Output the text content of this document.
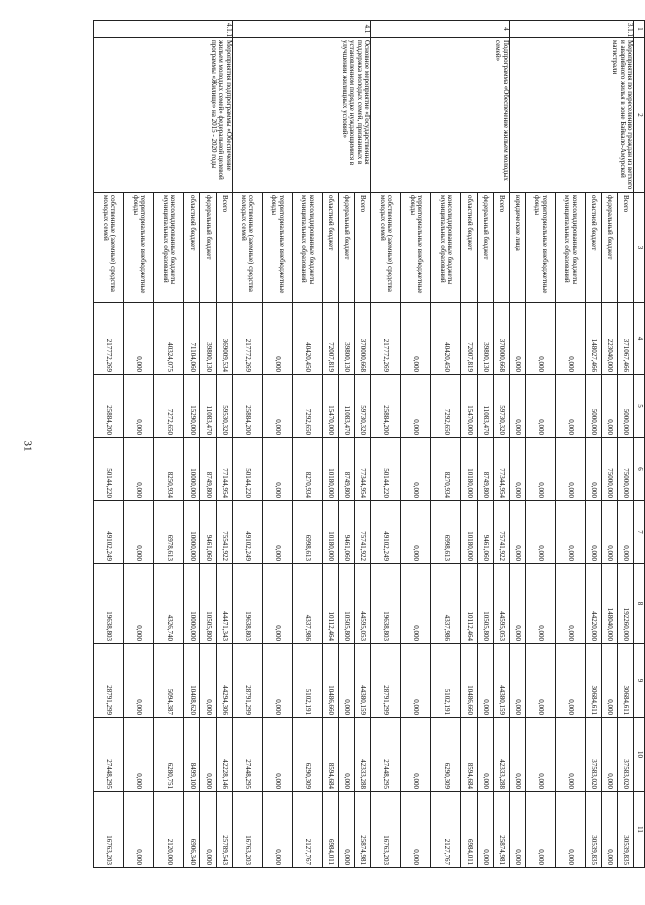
31
1	2	3	4	5	6	7	8	9	10	11
3.1.1	Мероприятия по переселению граждан из ветхого и аварийного жилья в зоне Байкало-Амурской магистрали	Всего	371067,466	5000,000	75000,000	0,000	192260,000	30684,611	37583,020	30539,835
		федеральный бюджет	223040,000	0,000	75000,000	0,000	148040,000	0,000	0,000	0,000
		областной бюджет	148027,466	5000,000	0,000	0,000	44220,000	30684,611	37583,020	30539,835
		консолидированные бюджеты муниципальных образований	0,000	0,000	0,000	0,000	0,000	0,000	0,000	0,000
		территориальные внебюджетные фонды	0,000	0,000	0,000	0,000	0,000	0,000	0,000	0,000
		юридические лица	0,000	0,000	0,000	0,000	0,000	0,000	0,000	0,000
4	Подпрограмма «Обеспечение жильем молодых семей»	Всего	370000,668	59730,320	77344,954	75741,922	44595,053	44380,159	42333,288	25874,981
		федеральный бюджет	39800,130	11083,470	8749,800	9461,060	10505,800	0,000	0,000	0,000
		областной бюджет	72007,819	15470,000	10180,000	10180,000	10112,464	10486,660	8594,684	6984,011
		консолидированные бюджеты муниципальных образований	40420,450	7292,650	8270,934	6998,613	4337,986	5102,191	6290,309	2127,767
		территориальные внебюджетные фонды	0,000	0,000	0,000	0,000	0,000	0,000	0,000	0,000
		собственные (заемные) средства молодых семей	217772,269	25884,200	50144,220	49102,249	19638,803	28791,299	27448,295	16763,203
4.1	Основное мероприятие «Государственная поддержка молодых семей, признанных в установленном порядке нуждающимися в улучшении жилищных условий»	Всего	370000,668	59730,320	77344,954	75741,922	44595,053	44380,159	42333,288	25874,981
		федеральный бюджет	39800,130	11083,470	8749,800	9461,060	10505,800	0,000	0,000	0,000
		областной бюджет	72007,819	15470,000	10180,000	10180,000	10112,464	10486,660	8594,684	6984,011
		консолидированные бюджеты муниципальных образований	40420,450	7292,650	8270,934	6998,613	4337,986	5102,191	6290,309	2127,767
		территориальные внебюджетные фонды	0,000	0,000	0,000	0,000	0,000	0,000	0,000	0,000
		собственные (заемные) средства молодых семей	217772,269	25884,200	50144,220	49102,249	19638,803	28791,299	27448,295	16763,203
4.1.1	Мероприятия подпрограммы «Обеспечение жильем молодых семей» федеральной целевой программы «Жилище» на 2015 - 2020 годы	Всего	369009,534	59530,320	77144,954	75541,922	44471,343	44294,306	42228,146	25789,543
		федеральный бюджет	39800,130	11083,470	8749,800	9461,060	10505,800	0,000	0,000	0,000
		областной бюджет	71104,060	15290,000	10000,000	10000,000	10000,000	10408,620	8499,100	6906,340
		консолидированные бюджеты муниципальных образований	40324,075	7272,650	8250,934	6978,613	4326,740	5094,387	6280,751	2120,000
		территориальные внебюджетные фонды	0,000	0,000	0,000	0,000	0,000	0,000	0,000	0,000
		собственные (заемные) средства молодых семей	217772,269	25884,200	50144,220	49102,249	19638,803	28791,299	27448,295	16763,203
